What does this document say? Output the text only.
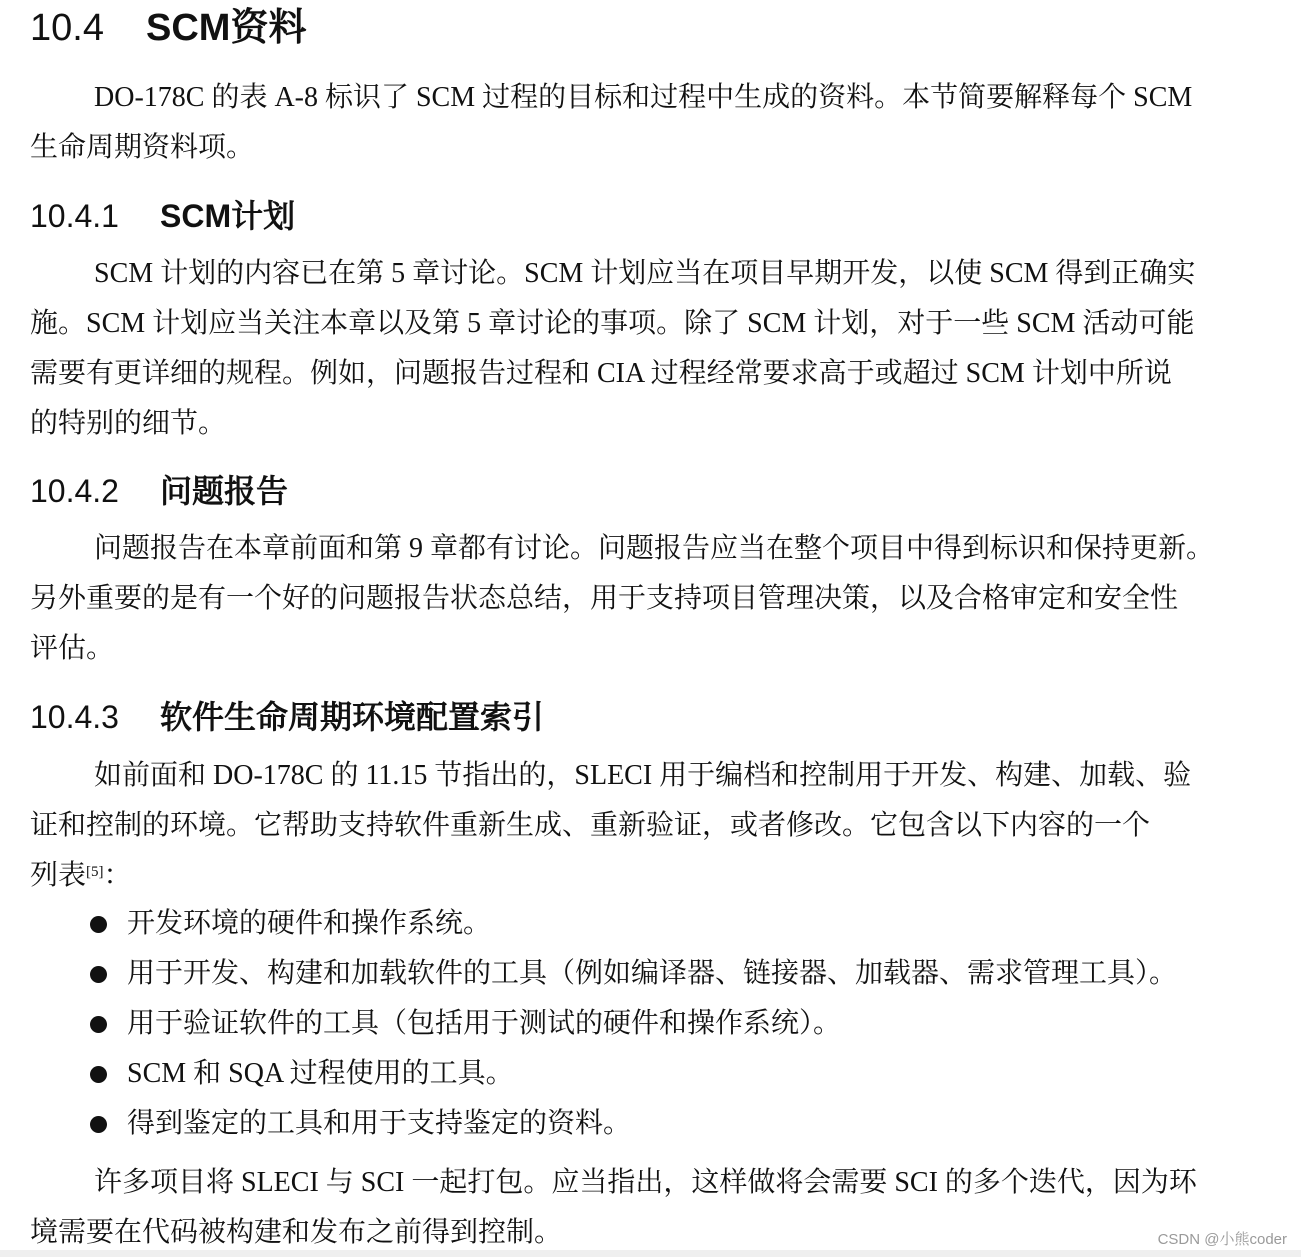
10.4 SCM资料
DO-178C 的表 A-8 标识了 SCM 过程的目标和过程中生成的资料。本节简要解释每个 SCM
生命周期资料项。
10.4.1 SCM计划
SCM 计划的内容已在第 5 章讨论。SCM 计划应当在项目早期开发，以使 SCM 得到正确实
施。SCM 计划应当关注本章以及第 5 章讨论的事项。除了 SCM 计划，对于一些 SCM 活动可能
需要有更详细的规程。例如，问题报告过程和 CIA 过程经常要求高于或超过 SCM 计划中所说
的特别的细节。
10.4.2 问题报告
问题报告在本章前面和第 9 章都有讨论。问题报告应当在整个项目中得到标识和保持更新。
另外重要的是有一个好的问题报告状态总结，用于支持项目管理决策，以及合格审定和安全性
评估。
10.4.3 软件生命周期环境配置索引
如前面和 DO-178C 的 11.15 节指出的，SLECI 用于编档和控制用于开发、构建、加载、验
证和控制的环境。它帮助支持软件重新生成、重新验证，或者修改。它包含以下内容的一个
列表[5]：
开发环境的硬件和操作系统。
用于开发、构建和加载软件的工具（例如编译器、链接器、加载器、需求管理工具）。
用于验证软件的工具（包括用于测试的硬件和操作系统）。
SCM 和 SQA 过程使用的工具。
得到鉴定的工具和用于支持鉴定的资料。
许多项目将 SLECI 与 SCI 一起打包。应当指出，这样做将会需要 SCI 的多个迭代，因为环
境需要在代码被构建和发布之前得到控制。	CSDN @小熊coder
